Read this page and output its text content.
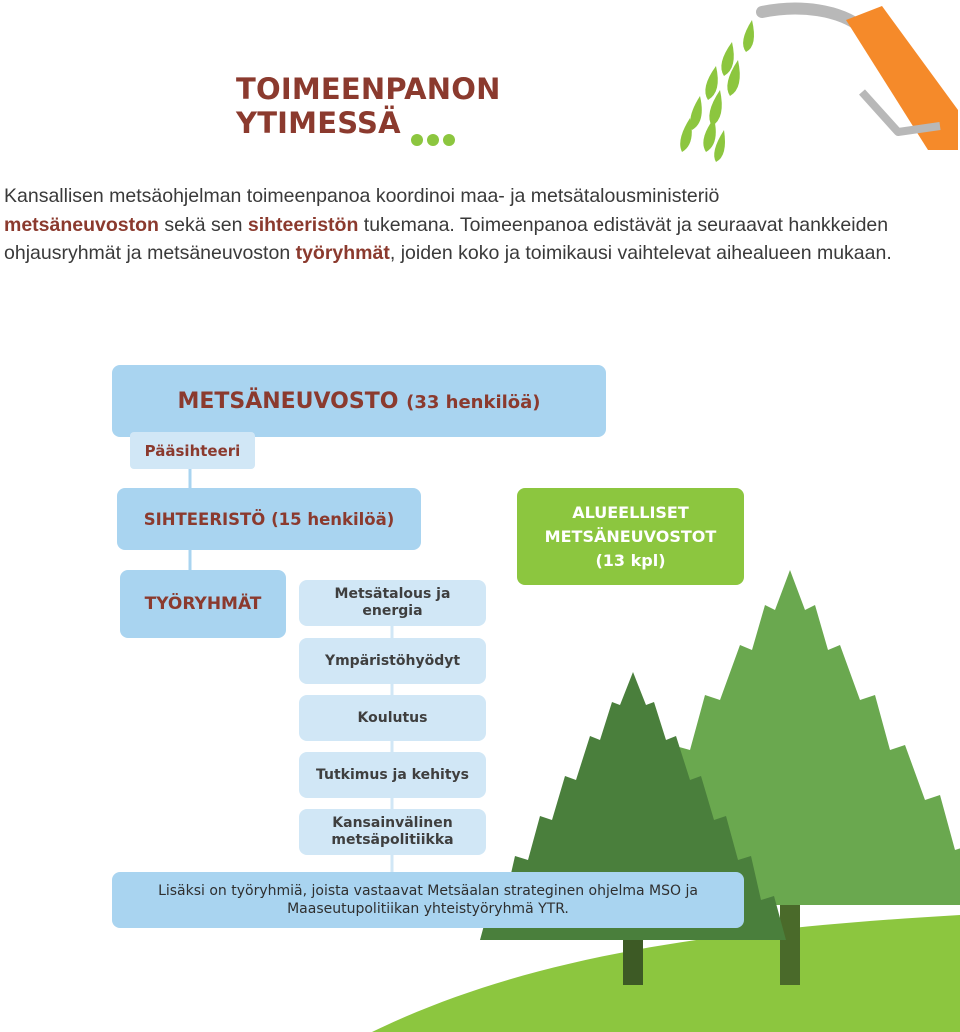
TOIMEENPANON YTIMESSÄ
Kansallisen metsäohjelman toimeenpanoa koordinoi maa- ja metsätalousministeriö
metsäneuvoston sekä sen sihteeristön tukemana. Toimeenpanoa edistävät ja seuraavat hankkeiden ohjausryhmät ja metsäneuvoston työryhmät, joiden koko ja toimikausi vaihtelevat aihealueen mukaan.
METSÄNEUVOSTO (33 henkilöä)
Pääsihteeri
SIHTEERISTÖ (15 henkilöä)	ALUEELLISET
METSÄNEUVOSTOT
(13 kpl)
TYÖRYHMÄT	Metsätalous ja
energia
Ympäristöhyödyt
Koulutus
Tutkimus ja kehitys
Kansainvälinen
metsäpolitiikka
Lisäksi on työryhmiä, joista vastaavat Metsäalan strateginen ohjelma MSO ja
Maaseutupolitiikan yhteistyöryhmä YTR.
